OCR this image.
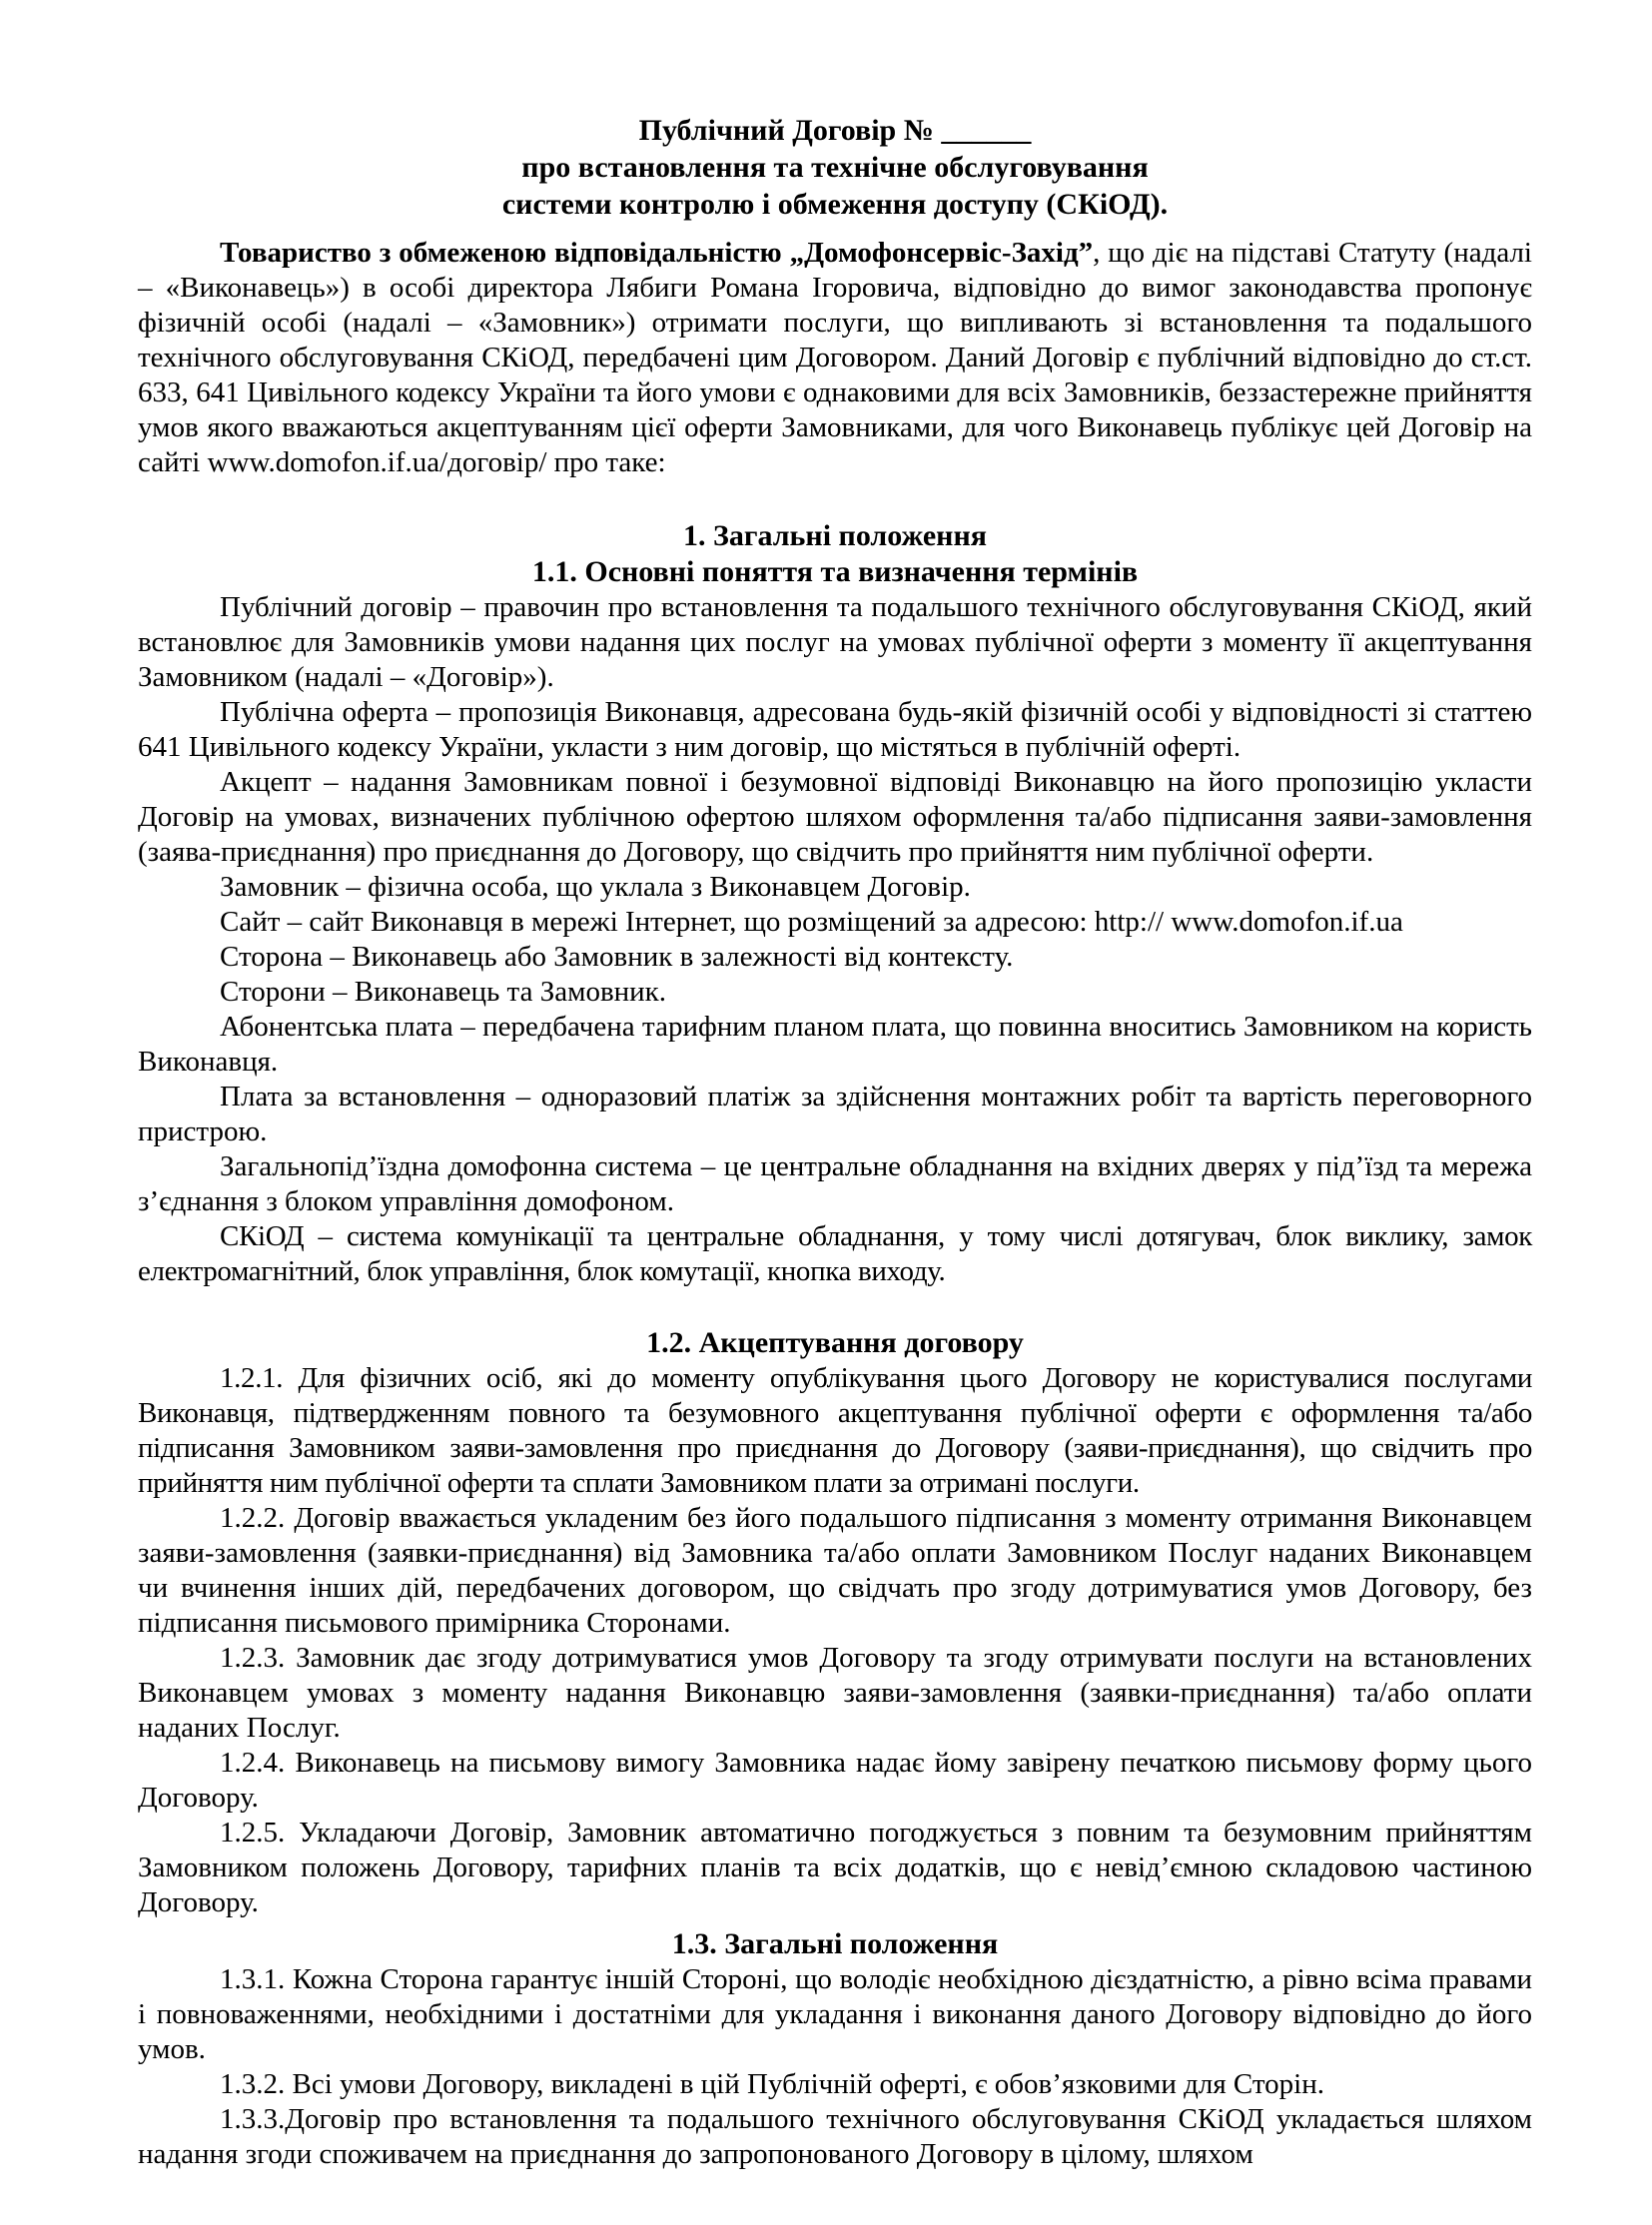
Публічний Договір № ______
про встановлення та технічне обслуговування
системи контролю і обмеження доступу (СКіОД).

Товариство з обмеженою відповідальністю „Домофонсервіс-Захід”, що діє на підставі Статуту (надалі – «Виконавець») в особі директора Лябиги Романа Ігоровича, відповідно до вимог законодавства пропонує фізичній особі (надалі – «Замовник») отримати послуги, що випливають зі встановлення та подальшого технічного обслуговування СКіОД, передбачені цим Договором. Даний Договір є публічний відповідно до ст.ст. 633, 641 Цивільного кодексу України та його умови є однаковими для всіх Замовників, беззастережне прийняття умов якого вважаються акцептуванням цієї оферти Замовниками, для чого Виконавець публікує цей Договір на сайті www.domofon.if.ua/договір/ про таке:

1. Загальні положення
1.1. Основні поняття та визначення термінів

Публічний договір – правочин про встановлення та подальшого технічного обслуговування СКіОД, який встановлює для Замовників умови надання цих послуг на умовах публічної оферти з моменту її акцептування Замовником (надалі – «Договір»).

Публічна оферта – пропозиція Виконавця, адресована будь-якій фізичній особі у відповідності зі статтею 641 Цивільного кодексу України, укласти з ним договір, що містяться в публічній оферті.

Акцепт – надання Замовникам повної і безумовної відповіді Виконавцю на його пропозицію укласти Договір на умовах, визначених публічною офертою шляхом оформлення та/або підписання заяви-замовлення (заява-приєднання) про приєднання до Договору, що свідчить про прийняття ним публічної оферти.

Замовник – фізична особа, що уклала з Виконавцем Договір.

Сайт – сайт Виконавця в мережі Інтернет, що розміщений за адресою: http:// www.domofon.if.ua

Сторона – Виконавець або Замовник в залежності від контексту.

Сторони – Виконавець та Замовник.

Абонентська плата – передбачена тарифним планом плата, що повинна вноситись Замовником на користь Виконавця.

Плата за встановлення – одноразовий платіж за здійснення монтажних робіт та вартість переговорного пристрою.

Загальнопід’їздна домофонна система – це центральне обладнання на вхідних дверях у під’їзд та мережа з’єднання з блоком управління домофоном.

СКіОД – система комунікації та центральне обладнання, у тому числі дотягувач, блок виклику, замок електромагнітний, блок управління, блок комутації, кнопка виходу.

1.2. Акцептування договору

1.2.1. Для фізичних осіб, які до моменту опублікування цього Договору не користувалися послугами Виконавця, підтвердженням повного та безумовного акцептування публічної оферти є оформлення та/або підписання Замовником заяви-замовлення про приєднання до Договору (заяви-приєднання), що свідчить про прийняття ним публічної оферти та сплати Замовником плати за отримані послуги.

1.2.2. Договір вважається укладеним без його подальшого підписання з моменту отримання Виконавцем заяви-замовлення (заявки-приєднання) від Замовника та/або оплати Замовником Послуг наданих Виконавцем чи вчинення інших дій, передбачених договором, що свідчать про згоду дотримуватися умов Договору, без підписання письмового примірника Сторонами.

1.2.3. Замовник дає згоду дотримуватися умов Договору та згоду отримувати послуги на встановлених Виконавцем умовах з моменту надання Виконавцю заяви-замовлення (заявки-приєднання) та/або оплати наданих Послуг.

1.2.4. Виконавець на письмову вимогу Замовника надає йому завірену печаткою письмову форму цього Договору.

1.2.5. Укладаючи Договір, Замовник автоматично погоджується з повним та безумовним прийняттям Замовником положень Договору, тарифних планів та всіх додатків, що є невід’ємною складовою частиною Договору.

1.3. Загальні положення

1.3.1. Кожна Сторона гарантує іншій Стороні, що володіє необхідною дієздатністю, а рівно всіма правами і повноваженнями, необхідними і достатніми для укладання і виконання даного Договору відповідно до його умов.

1.3.2. Всі умови Договору, викладені в цій Публічній оферті, є обов’язковими для Сторін.

1.3.3.Договір про встановлення та подальшого технічного обслуговування СКіОД укладається шляхом надання згоди споживачем на приєднання до запропонованого Договору в цілому, шляхом
